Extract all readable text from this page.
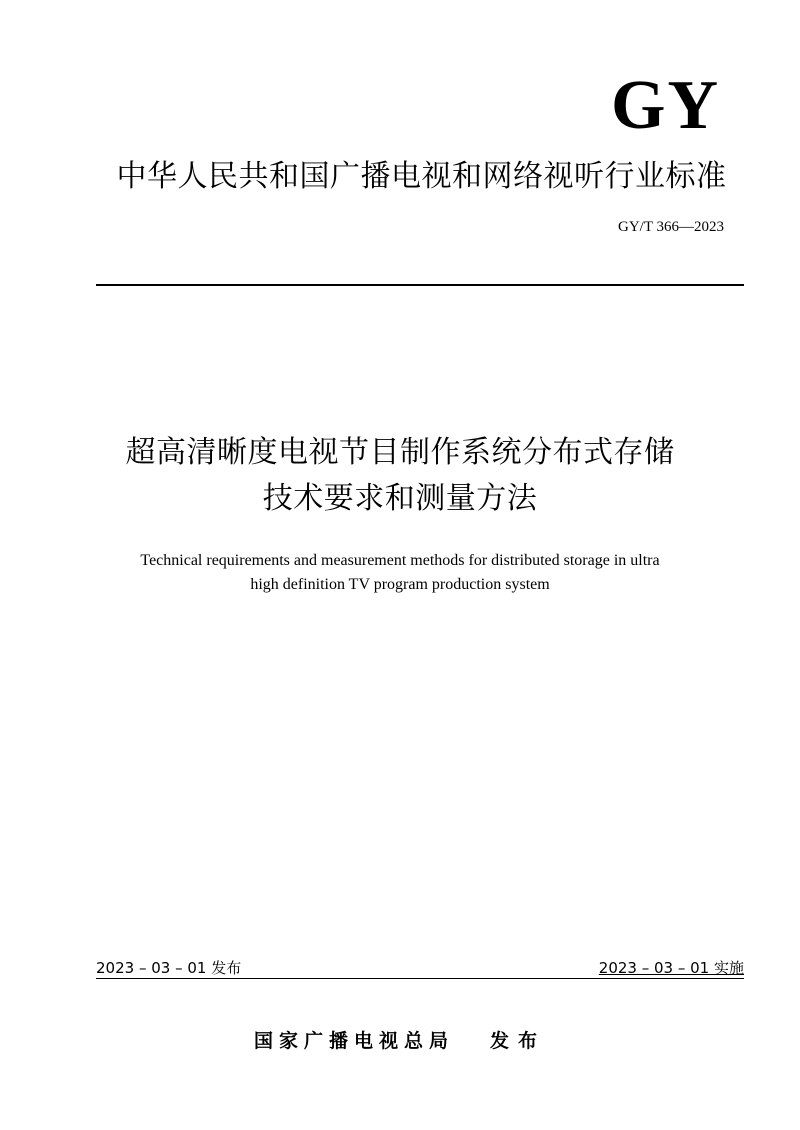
GY
中华人民共和国广播电视和网络视听行业标准
GY/T 366—2023
超高清晰度电视节目制作系统分布式存储
技术要求和测量方法
Technical requirements and measurement methods for distributed storage in ultra
high definition TV program production system
2023 – 03 – 01 发布	2023 – 03 – 01 实施
国家广播电视总局 发布
